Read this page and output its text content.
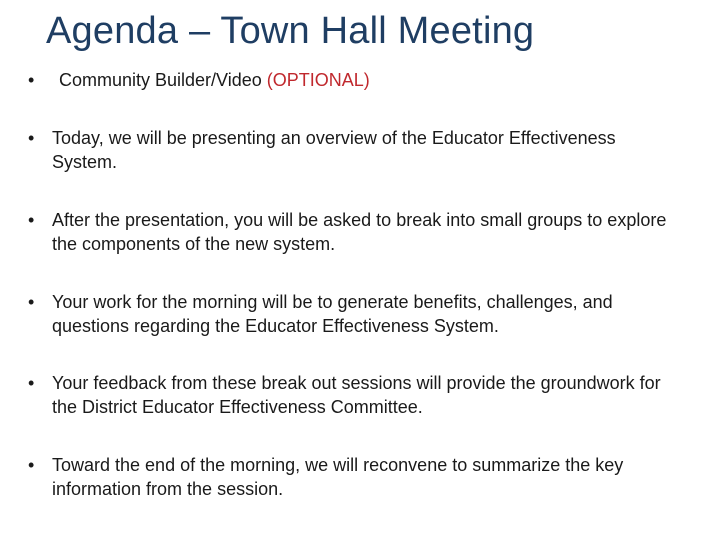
Agenda – Town Hall Meeting
• Community Builder/Video (OPTIONAL)
• Today, we will be presenting an overview of the Educator Effectiveness System.
• After the presentation, you will be asked to break into small groups to explore the components of the new system.
• Your work for the morning will be to generate benefits, challenges, and questions regarding the Educator Effectiveness System.
• Your feedback from these break out sessions will provide the groundwork for the District Educator Effectiveness Committee.
• Toward the end of the morning, we will reconvene to summarize the key information from the session.
